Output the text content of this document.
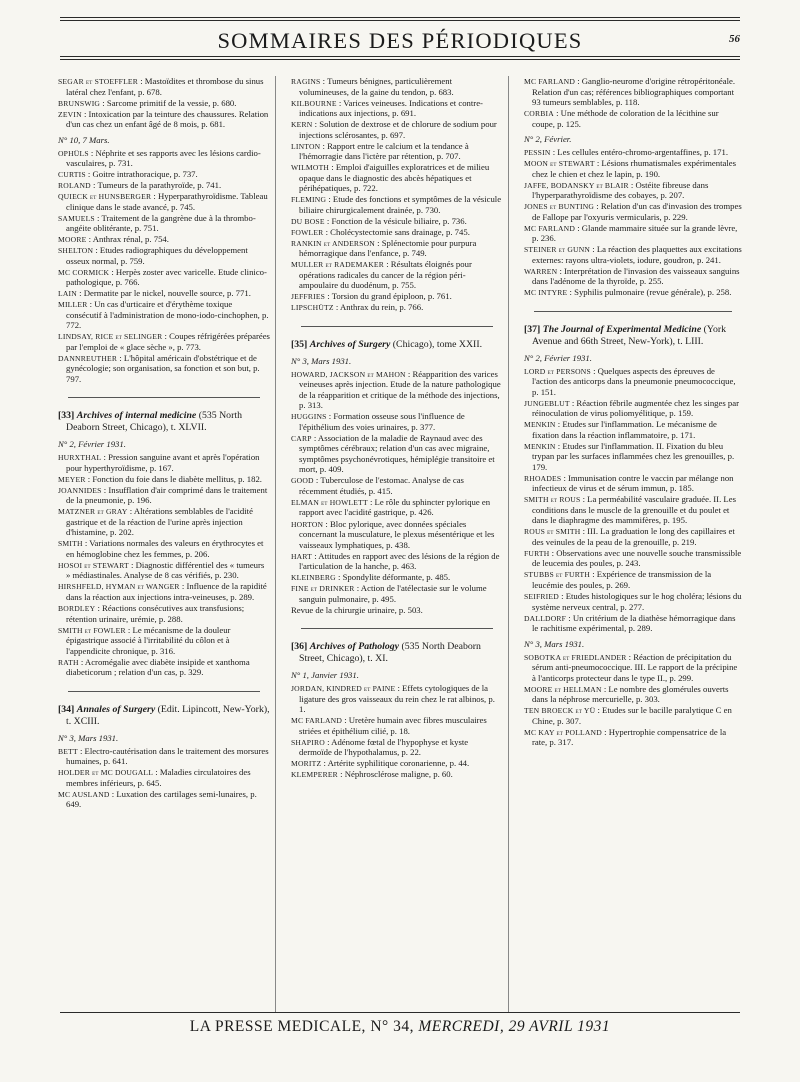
SOMMAIRES DES PÉRIODIQUES	56
SEGAR et STOEFFLER : Mastoïdites et thrombose du sinus latéral chez l'enfant, p. 678.
BRUNSWIG : Sarcome primitif de la vessie, p. 680.
ZEVIN : Intoxication par la teinture des chaussures. Relation d'un cas chez un enfant âgé de 8 mois, p. 681.
N° 10, 7 Mars.
OPHÜLS : Néphrite et ses rapports avec les lésions cardio-vasculaires, p. 731.
CURTIS : Goitre intrathoracique, p. 737.
ROLAND : Tumeurs de la parathyroïde, p. 741.
QUIECK et HUNSBERGER : Hyperparathyroïdisme. Tableau clinique dans le stade avancé, p. 745.
SAMUELS : Traitement de la gangrène due à la thrombo-angéite oblitérante, p. 751.
MOORE : Anthrax rénal, p. 754.
SHELTON : Etudes radiographiques du développement osseux normal, p. 759.
MC CORMICK : Herpès zoster avec varicelle. Etude clinico-pathologique, p. 766.
LAIN : Dermatite par le nickel, nouvelle source, p. 771.
MILLER : Un cas d'urticaire et d'érythème toxique consécutif à l'administration de mono-iodo-cinchophen, p. 772.
LINDSAY, RICE et SELINGER : Coupes réfrigérées préparées par l'emploi de « glace sèche », p. 773.
DANNREUTHER : L'hôpital américain d'obstétrique et de gynécologie; son organisation, sa fonction et son but, p. 797.
[33] Archives of internal medicine (535 North Deaborn Street, Chicago), t. XLVII.
N° 2, Février 1931.
HURXTHAL : Pression sanguine avant et après l'opération pour hyperthyroïdisme, p. 167.
MEYER : Fonction du foie dans le diabète mellitus, p. 182.
JOANNIDES : Insufflation d'air comprimé dans le traitement de la pneumonie, p. 196.
MATZNER et GRAY : Altérations semblables de l'acidité gastrique et de la réaction de l'urine après injection d'histamine, p. 202.
SMITH : Variations normales des valeurs en érythrocytes et en hémoglobine chez les femmes, p. 206.
HOSOI et STEWART : Diagnostic différentiel des « tumeurs » médiastinales. Analyse de 8 cas vérifiés, p. 230.
HIRSHFELD, HYMAN et WANGER : Influence de la rapidité dans la réaction aux injections intra-veineuses, p. 289.
BORDLEY : Réactions consécutives aux transfusions; rétention urinaire, urémie, p. 288.
SMITH et FOWLER : Le mécanisme de la douleur épigastrique associé à l'irritabilité du côlon et à l'appendicite chronique, p. 316.
RATH : Acromégalie avec diabète insipide et xanthoma diabeticorum ; relation d'un cas, p. 329.
[34] Annales of Surgery (Edit. Lipincott, New-York), t. XCIII.
N° 3, Mars 1931.
BETT : Electro-cautérisation dans le traitement des morsures humaines, p. 641.
HOLDER et MC DOUGALL : Maladies circulatoires des membres inférieurs, p. 645.
MC AUSLAND : Luxation des cartilages semi-lunaires, p. 649.
RAGINS : Tumeurs bénignes, particulièrement volumineuses, de la gaine du tendon, p. 683.
KILBOURNE : Varices veineuses. Indications et contre-indications aux injections, p. 691.
KERN : Solution de dextrose et de chlorure de sodium pour injections sclérosantes, p. 697.
LINTON : Rapport entre le calcium et la tendance à l'hémorragie dans l'ictère par rétention, p. 707.
WILMOTH : Emploi d'aiguilles exploratrices et de milieu opaque dans le diagnostic des abcès hépatiques et périhépatiques, p. 722.
FLEMING : Etude des fonctions et symptômes de la vésicule biliaire chirurgicalement drainée, p. 730.
DU BOSE : Fonction de la vésicule biliaire, p. 736.
FOWLER : Cholécystectomie sans drainage, p. 745.
RANKIN et ANDERSON : Splénectomie pour purpura hémorragique dans l'enfance, p. 749.
MULLER et RADEMAKER : Résultats éloignés pour opérations radicales du cancer de la région péri-ampoulaire du duodénum, p. 755.
JEFFRIES : Torsion du grand épiploon, p. 761.
LIPSCHÜTZ : Anthrax du rein, p. 766.
[35] Archives of Surgery (Chicago), tome XXII.
N° 3, Mars 1931.
HOWARD, JACKSON et MAHON : Réapparition des varices veineuses après injection. Etude de la nature pathologique de la réapparition et critique de la méthode des injections, p. 313.
HUGGINS : Formation osseuse sous l'influence de l'épithélium des voies urinaires, p. 377.
CARP : Association de la maladie de Raynaud avec des symptômes cérébraux; relation d'un cas avec migraine, symptômes psychonévrotiques, hémiplégie transitoire et mort, p. 409.
GOOD : Tuberculose de l'estomac. Analyse de cas récemment étudiés, p. 415.
ELMAN et HOWLETT : Le rôle du sphincter pylorique en rapport avec l'acidité gastrique, p. 426.
HORTON : Bloc pylorique, avec données spéciales concernant la musculature, le plexus mésentérique et les vaisseaux lymphatiques, p. 438.
HART : Attitudes en rapport avec des lésions de la région de l'articulation de la hanche, p. 463.
KLEINBERG : Spondylite déformante, p. 485.
FINE et DRINKER : Action de l'atélectasie sur le volume sanguin pulmonaire, p. 495.
Revue de la chirurgie urinaire, p. 503.
[36] Archives of Pathology (535 North Deaborn Street, Chicago), t. XI.
N° 1, Janvier 1931.
JORDAN, KINDRED et PAINE : Effets cytologiques de la ligature des gros vaisseaux du rein chez le rat albinos, p. 1.
MC FARLAND : Uretère humain avec fibres musculaires striées et épithélium cilié, p. 18.
SHAPIRO : Adénome fœtal de l'hypophyse et kyste dermoïde de l'hypothalamus, p. 22.
MORITZ : Artérite syphilitique coronarienne, p. 44.
KLEMPERER : Néphrosclérose maligne, p. 60.
MC FARLAND : Ganglio-neurome d'origine rétropéritonéale. Relation d'un cas; références bibliographiques comportant 93 tumeurs semblables, p. 118.
CORBIA : Une méthode de coloration de la lécithine sur coupe, p. 125.
N° 2, Février.
PESSIN : Les cellules entéro-chromo-argentaffines, p. 171.
MOON et STEWART : Lésions rhumatismales expérimentales chez le chien et chez le lapin, p. 190.
JAFFE, BODANSKY et BLAIR : Ostéite fibreuse dans l'hyperparathyroïdisme des cobayes, p. 207.
JONES et BUNTING : Relation d'un cas d'invasion des trompes de Fallope par l'oxyuris vermicularis, p. 229.
MC FARLAND : Glande mammaire située sur la grande lèvre, p. 236.
STEINER et GUNN : La réaction des plaquettes aux excitations externes: rayons ultra-violets, iodure, goudron, p. 241.
WARREN : Interprétation de l'invasion des vaisseaux sanguins dans l'adénome de la thyroïde, p. 255.
MC INTYRE : Syphilis pulmonaire (revue générale), p. 258.
[37] The Journal of Experimental Medicine (York Avenue and 66th Street, New-York), t. LIII.
N° 2, Février 1931.
LORD et PERSONS : Quelques aspects des épreuves de l'action des anticorps dans la pneumonie pneumococcique, p. 151.
JUNGEBLUT : Réaction fébrile augmentée chez les singes par réinoculation de virus poliomyélitique, p. 159.
MENKIN : Etudes sur l'inflammation. Le mécanisme de fixation dans la réaction inflammatoire, p. 171.
MENKIN : Etudes sur l'inflammation. II. Fixation du bleu trypan par les surfaces inflammées chez les grenouilles, p. 179.
RHOADES : Immunisation contre le vaccin par mélange non infectieux de virus et de sérum immun, p. 185.
SMITH et ROUS : La perméabilité vasculaire graduée. II. Les conditions dans le muscle de la grenouille et du poulet et dans le diaphragme des mammifères, p. 195.
ROUS et SMITH : III. La graduation le long des capillaires et des veinules de la peau de la grenouille, p. 219.
FURTH : Observations avec une nouvelle souche transmissible de leucemia des poules, p. 243.
STUBBS et FURTH : Expérience de transmission de la leucémie des poules, p. 269.
SEIFRIED : Etudes histologiques sur le hog choléra; lésions du système nerveux central, p. 277.
DALLDORF : Un critérium de la diathèse hémorragique dans le rachitisme expérimental, p. 289.
N° 3, Mars 1931.
SOBOTKA et FRIEDLANDER : Réaction de précipitation du sérum anti-pneumococcique. III. Le rapport de la précipine à l'anticorps protecteur dans le type II., p. 299.
MOORE et HELLMAN : Le nombre des glomérules ouverts dans la néphrose mercurielle, p. 303.
TEN BROECK et YÜ : Etudes sur le bacille paralytique C en Chine, p. 307.
MC KAY et POLLAND : Hypertrophie compensatrice de la rate, p. 317.
LA PRESSE MEDICALE, N° 34, MERCREDI, 29 AVRIL 1931
